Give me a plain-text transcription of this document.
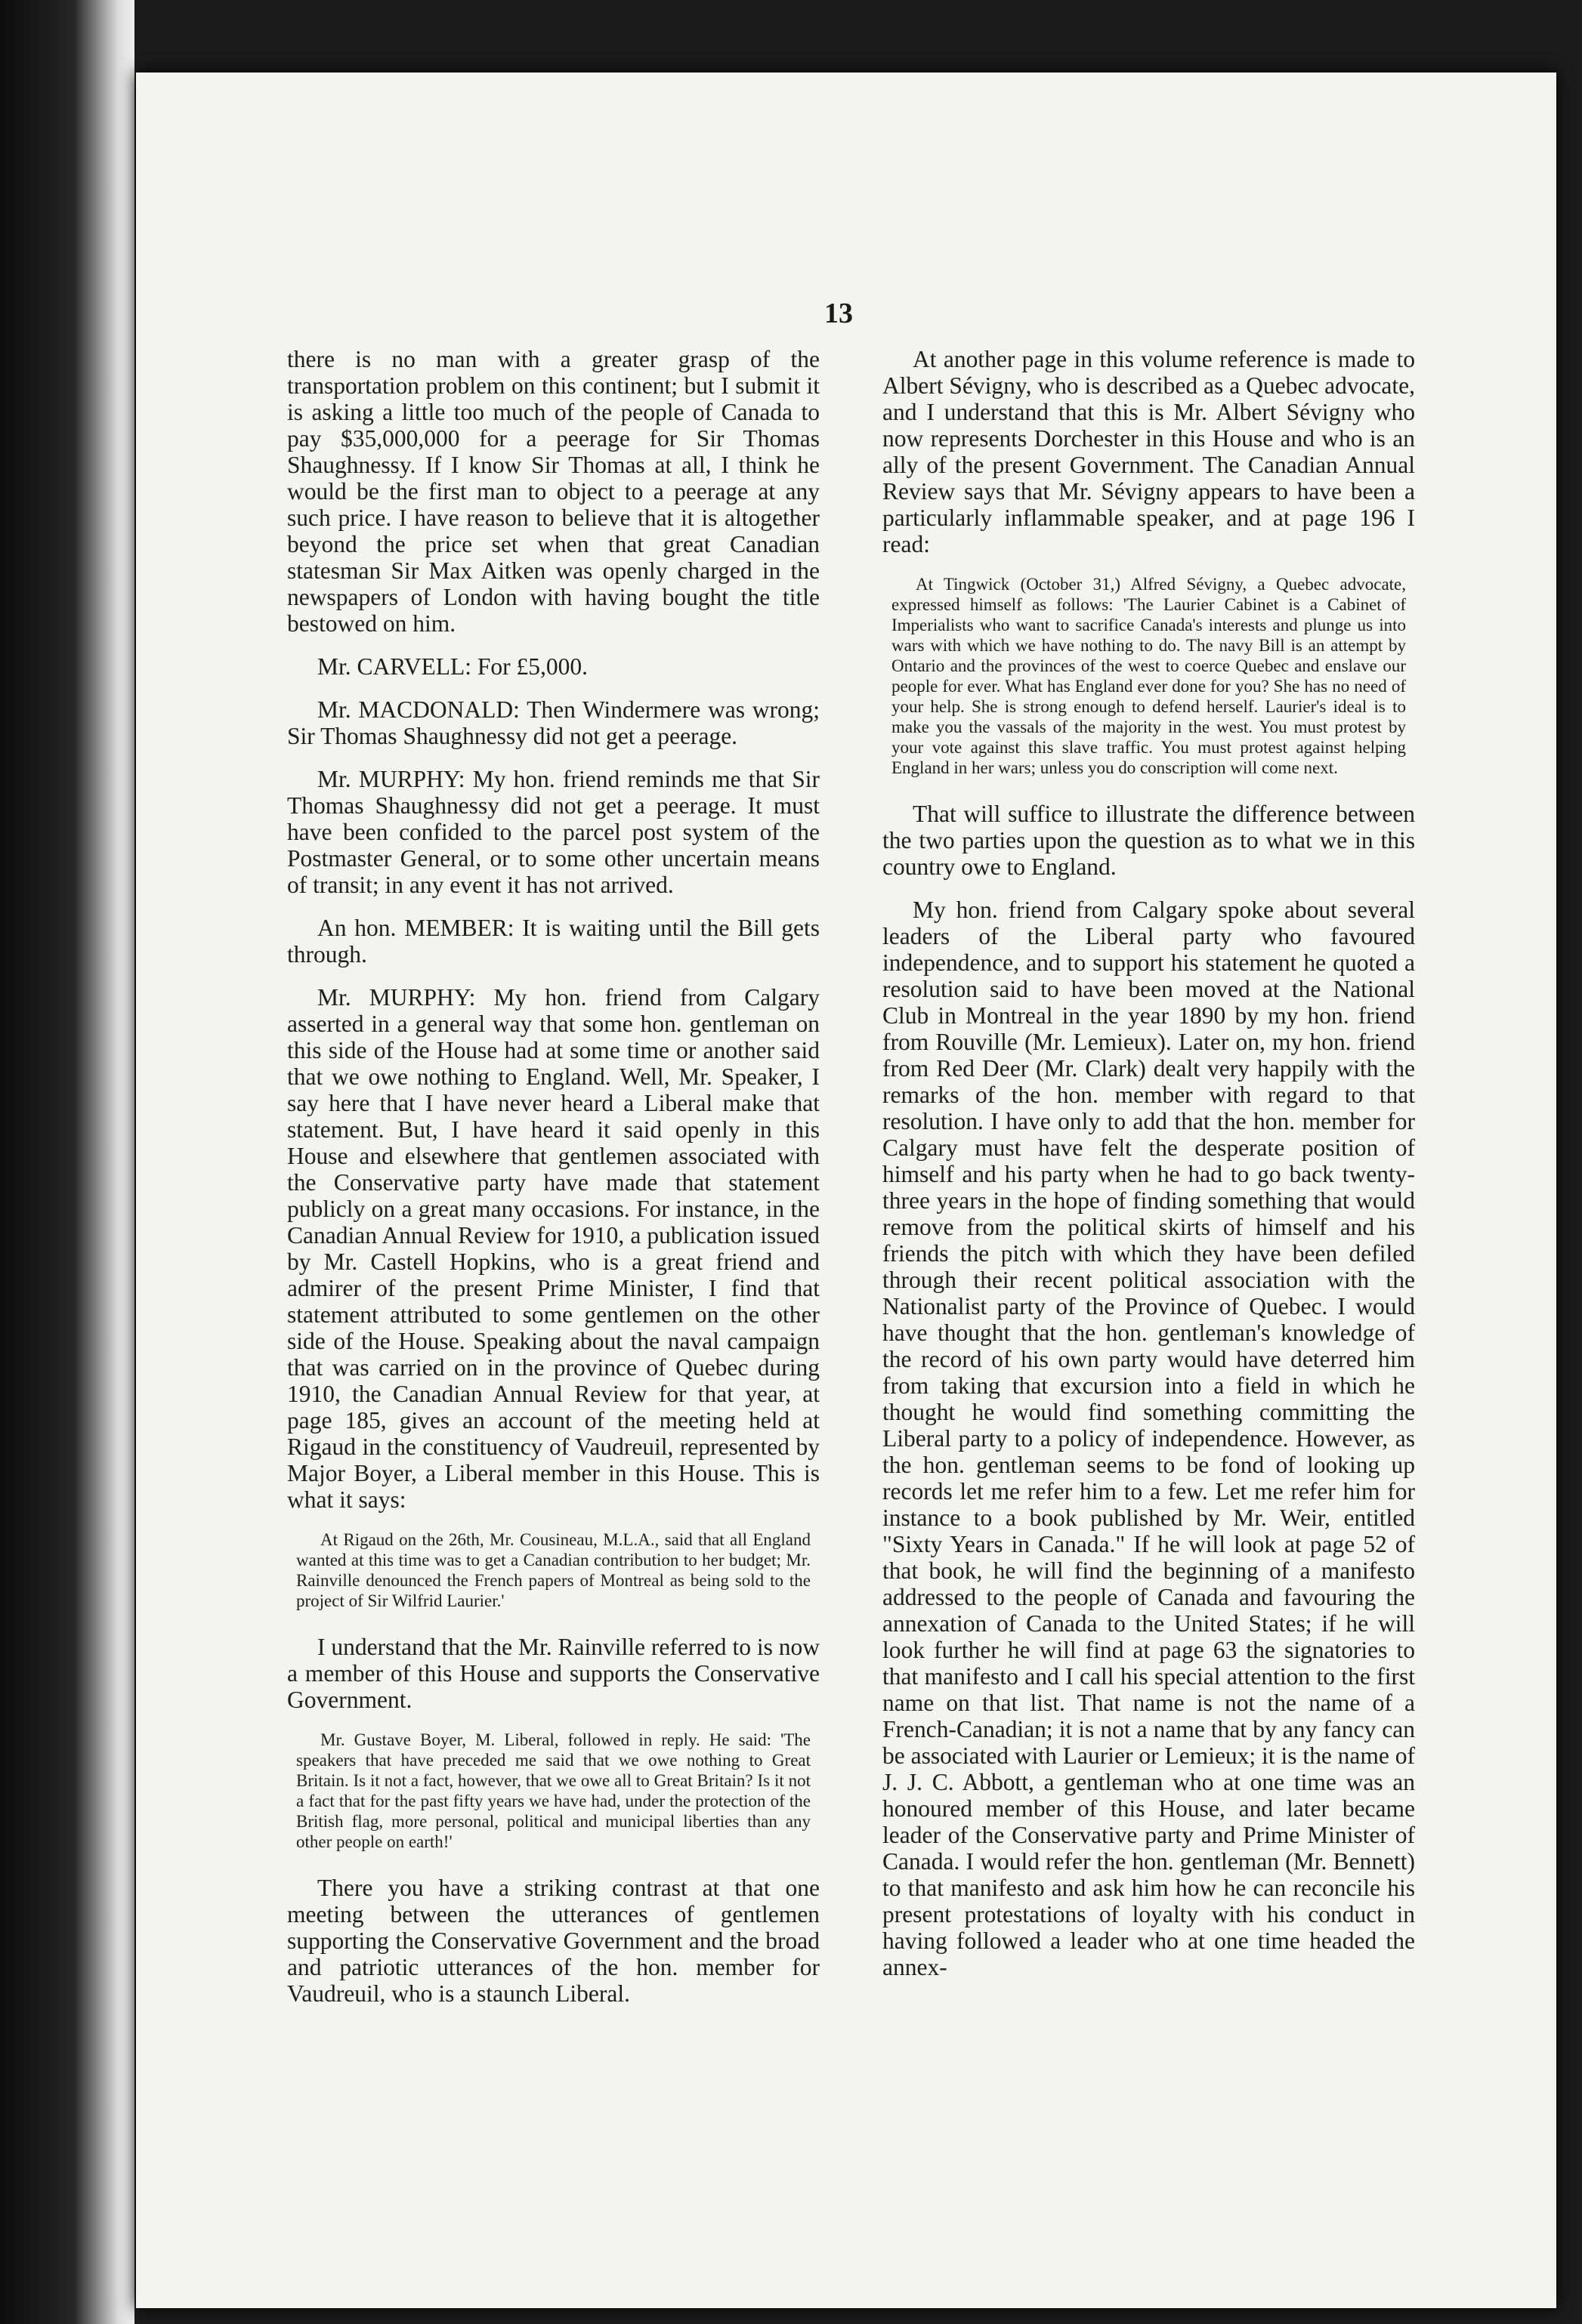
13

there is no man with a greater grasp of the transportation problem on this continent; but I submit it is asking a little too much of the people of Canada to pay $35,000,000 for a peerage for Sir Thomas Shaughnessy. If I know Sir Thomas at all, I think he would be the first man to object to a peerage at any such price. I have reason to believe that it is altogether beyond the price set when that great Canadian statesman Sir Max Aitken was openly charged in the newspapers of London with having bought the title bestowed on him.

Mr. CARVELL: For £5,000.

Mr. MACDONALD: Then Windermere was wrong; Sir Thomas Shaughnessy did not get a peerage.

Mr. MURPHY: My hon. friend reminds me that Sir Thomas Shaughnessy did not get a peerage. It must have been confided to the parcel post system of the Postmaster General, or to some other uncertain means of transit; in any event it has not arrived.

An hon. MEMBER: It is waiting until the Bill gets through.

Mr. MURPHY: My hon. friend from Calgary asserted in a general way that some hon. gentleman on this side of the House had at some time or another said that we owe nothing to England. Well, Mr. Speaker, I say here that I have never heard a Liberal make that statement. But, I have heard it said openly in this House and elsewhere that gentlemen associated with the Conservative party have made that statement publicly on a great many occasions. For instance, in the Canadian Annual Review for 1910, a publication issued by Mr. Castell Hopkins, who is a great friend and admirer of the present Prime Minister, I find that statement attributed to some gentlemen on the other side of the House. Speaking about the naval campaign that was carried on in the province of Quebec during 1910, the Canadian Annual Review for that year, at page 185, gives an account of the meeting held at Rigaud in the constituency of Vaudreuil, represented by Major Boyer, a Liberal member in this House. This is what it says:

At Rigaud on the 26th, Mr. Cousineau, M.L.A., said that all England wanted at this time was to get a Canadian contribution to her budget; Mr. Rainville denounced the French papers of Montreal as being sold to the project of Sir Wilfrid Laurier.'

I understand that the Mr. Rainville referred to is now a member of this House and supports the Conservative Government.

Mr. Gustave Boyer, M. Liberal, followed in reply. He said: 'The speakers that have preceded me said that we owe nothing to Great Britain. Is it not a fact, however, that we owe all to Great Britain? Is it not a fact that for the past fifty years we have had, under the protection of the British flag, more personal, political and municipal liberties than any other people on earth!'

There you have a striking contrast at that one meeting between the utterances of gentlemen supporting the Conservative Government and the broad and patriotic utterances of the hon. member for Vaudreuil, who is a staunch Liberal.

At another page in this volume reference is made to Albert Sévigny, who is described as a Quebec advocate, and I understand that this is Mr. Albert Sévigny who now represents Dorchester in this House and who is an ally of the present Government. The Canadian Annual Review says that Mr. Sévigny appears to have been a particularly inflammable speaker, and at page 196 I read:

At Tingwick (October 31,) Alfred Sévigny, a Quebec advocate, expressed himself as follows: 'The Laurier Cabinet is a Cabinet of Imperialists who want to sacrifice Canada's interests and plunge us into wars with which we have nothing to do. The navy Bill is an attempt by Ontario and the provinces of the west to coerce Quebec and enslave our people for ever. What has England ever done for you? She has no need of your help. She is strong enough to defend herself. Laurier's ideal is to make you the vassals of the majority in the west. You must protest by your vote against this slave traffic. You must protest against helping England in her wars; unless you do conscription will come next.

That will suffice to illustrate the difference between the two parties upon the question as to what we in this country owe to England.

My hon. friend from Calgary spoke about several leaders of the Liberal party who favoured independence, and to support his statement he quoted a resolution said to have been moved at the National Club in Montreal in the year 1890 by my hon. friend from Rouville (Mr. Lemieux). Later on, my hon. friend from Red Deer (Mr. Clark) dealt very happily with the remarks of the hon. member with regard to that resolution. I have only to add that the hon. member for Calgary must have felt the desperate position of himself and his party when he had to go back twenty-three years in the hope of finding something that would remove from the political skirts of himself and his friends the pitch with which they have been defiled through their recent political association with the Nationalist party of the Province of Quebec. I would have thought that the hon. gentleman's knowledge of the record of his own party would have deterred him from taking that excursion into a field in which he thought he would find something committing the Liberal party to a policy of independence. However, as the hon. gentleman seems to be fond of looking up records let me refer him to a few. Let me refer him for instance to a book published by Mr. Weir, entitled "Sixty Years in Canada." If he will look at page 52 of that book, he will find the beginning of a manifesto addressed to the people of Canada and favouring the annexation of Canada to the United States; if he will look further he will find at page 63 the signatories to that manifesto and I call his special attention to the first name on that list. That name is not the name of a French-Canadian; it is not a name that by any fancy can be associated with Laurier or Lemieux; it is the name of J. J. C. Abbott, a gentleman who at one time was an honoured member of this House, and later became leader of the Conservative party and Prime Minister of Canada. I would refer the hon. gentleman (Mr. Bennett) to that manifesto and ask him how he can reconcile his present protestations of loyalty with his conduct in having followed a leader who at one time headed the annex-
